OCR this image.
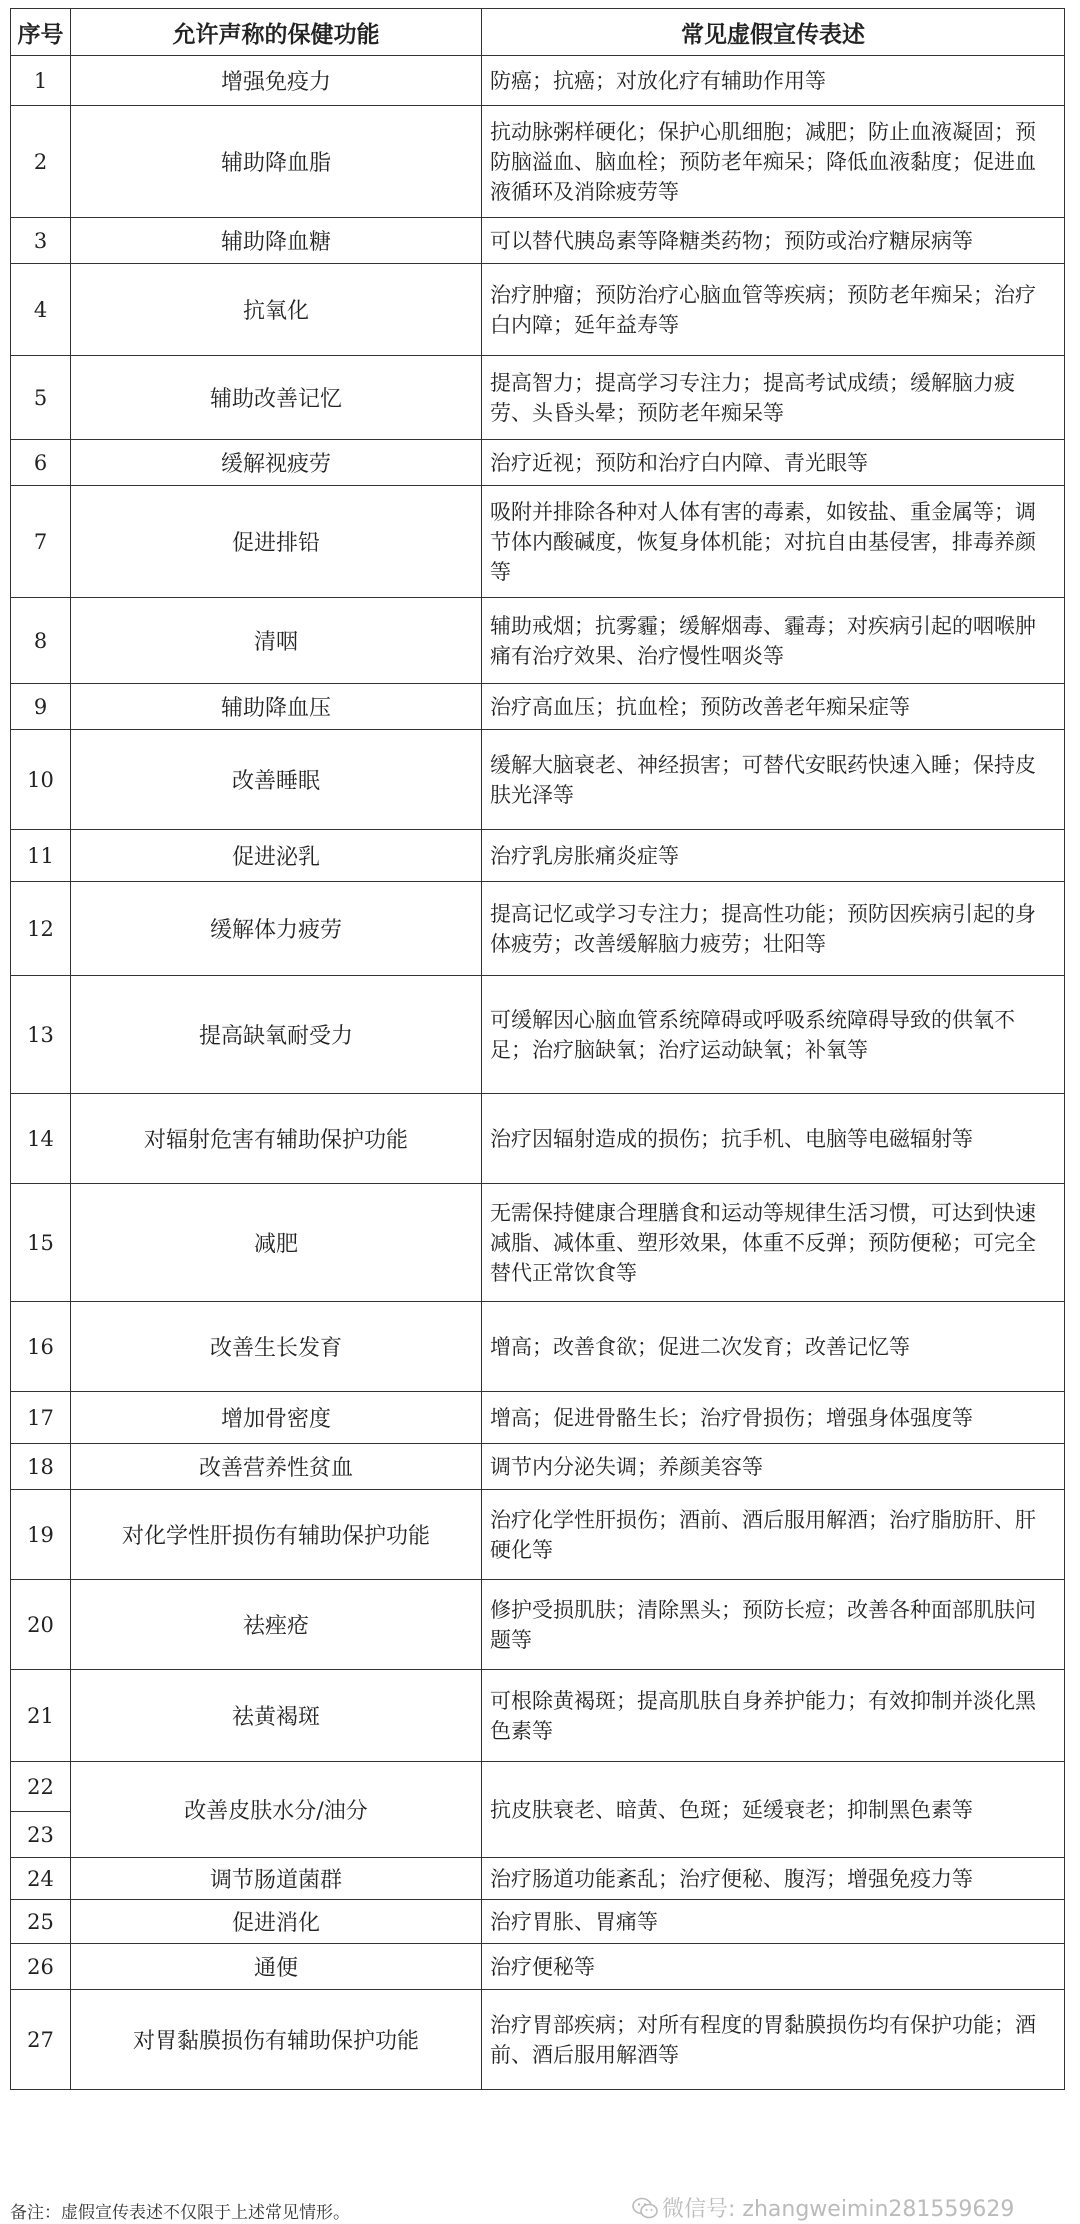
序号	允许声称的保健功能	常见虚假宣传表述
1	增强免疫力	防癌；抗癌；对放化疗有辅助作用等
2	辅助降血脂	抗动脉粥样硬化；保护心肌细胞；减肥；防止血液凝固；预防脑溢血、脑血栓；预防老年痴呆；降低血液黏度；促进血液循环及消除疲劳等
3	辅助降血糖	可以替代胰岛素等降糖类药物；预防或治疗糖尿病等
4	抗氧化	治疗肿瘤；预防治疗心脑血管等疾病；预防老年痴呆；治疗白内障；延年益寿等
5	辅助改善记忆	提高智力；提高学习专注力；提高考试成绩；缓解脑力疲劳、头昏头晕；预防老年痴呆等
6	缓解视疲劳	治疗近视；预防和治疗白内障、青光眼等
7	促进排铅	吸附并排除各种对人体有害的毒素，如铵盐、重金属等；调节体内酸碱度，恢复身体机能；对抗自由基侵害，排毒养颜等
8	清咽	辅助戒烟；抗雾霾；缓解烟毒、霾毒；对疾病引起的咽喉肿痛有治疗效果、治疗慢性咽炎等
9	辅助降血压	治疗高血压；抗血栓；预防改善老年痴呆症等
10	改善睡眠	缓解大脑衰老、神经损害；可替代安眠药快速入睡；保持皮肤光泽等
11	促进泌乳	治疗乳房胀痛炎症等
12	缓解体力疲劳	提高记忆或学习专注力；提高性功能；预防因疾病引起的身体疲劳；改善缓解脑力疲劳；壮阳等
13	提高缺氧耐受力	可缓解因心脑血管系统障碍或呼吸系统障碍导致的供氧不足；治疗脑缺氧；治疗运动缺氧；补氧等
14	对辐射危害有辅助保护功能	治疗因辐射造成的损伤；抗手机、电脑等电磁辐射等
15	减肥	无需保持健康合理膳食和运动等规律生活习惯，可达到快速减脂、减体重、塑形效果，体重不反弹；预防便秘；可完全替代正常饮食等
16	改善生长发育	增高；改善食欲；促进二次发育；改善记忆等
17	增加骨密度	增高；促进骨骼生长；治疗骨损伤；增强身体强度等
18	改善营养性贫血	调节内分泌失调；养颜美容等
19	对化学性肝损伤有辅助保护功能	治疗化学性肝损伤；酒前、酒后服用解酒；治疗脂肪肝、肝硬化等
20	祛痤疮	修护受损肌肤；清除黑头；预防长痘；改善各种面部肌肤问题等
21	祛黄褐斑	可根除黄褐斑；提高肌肤自身养护能力；有效抑制并淡化黑色素等
22	改善皮肤水分/油分	抗皮肤衰老、暗黄、色斑；延缓衰老；抑制黑色素等
23		
24	调节肠道菌群	治疗肠道功能紊乱；治疗便秘、腹泻；增强免疫力等
25	促进消化	治疗胃胀、胃痛等
26	通便	治疗便秘等
27	对胃黏膜损伤有辅助保护功能	治疗胃部疾病；对所有程度的胃黏膜损伤均有保护功能；酒前、酒后服用解酒等
备注：虚假宣传表述不仅限于上述常见情形。	微信号: zhangweimin281559629
